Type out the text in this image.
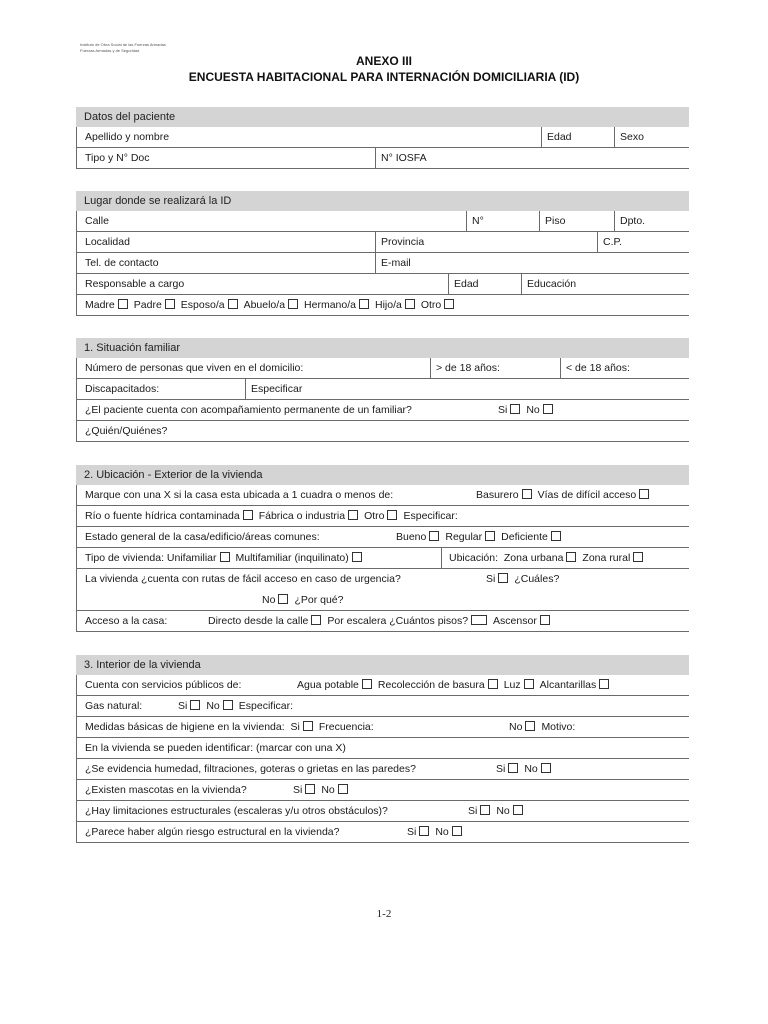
Instituto de Obra Social de las Fuerzas Armadas
Fuerzas Armadas y de Seguridad
ANEXO III
ENCUESTA HABITACIONAL PARA INTERNACIÓN DOMICILIARIA (ID)
Datos del paciente
Apellido y nombre	Edad	Sexo
Tipo y N° Doc	N° IOSFA
Lugar donde se realizará la ID
Calle	N°	Piso	Dpto.
Localidad	Provincia	C.P.
Tel. de contacto	E-mail
Responsable a cargo	Edad	Educación
Madre Padre Esposo/a Abuelo/a Hermano/a Hijo/a Otro
1. Situación familiar
Número de personas que viven en el domicilio:	> de 18 años:	< de 18 años:
Discapacitados:	Especificar
¿El paciente cuenta con acompañamiento permanente de un familiar?	Si No
¿Quién/Quiénes?
2. Ubicación - Exterior de la vivienda
Marque con una X si la casa esta ubicada a 1 cuadra o menos de:	Basurero Vías de difícil acceso
Río o fuente hídrica contaminada Fábrica o industria Otro Especificar:
Estado general de la casa/edificio/áreas comunes:	Bueno Regular Deficiente
Tipo de vivienda: Unifamiliar Multifamiliar (inquilinato)	Ubicación: Zona urbana Zona rural
La vivienda ¿cuenta con rutas de fácil acceso en caso de urgencia?	Si ¿Cuáles?
No ¿Por qué?
Acceso a la casa:	Directo desde la calle Por escalera ¿Cuántos pisos? Ascensor
3. Interior de la vivienda
Cuenta con servicios públicos de:	Agua potable Recolección de basura Luz Alcantarillas
Gas natural:	Si No Especificar:
Medidas básicas de higiene en la vivienda: Si Frecuencia:	No Motivo:
En la vivienda se pueden identificar: (marcar con una X)
¿Se evidencia humedad, filtraciones, goteras o grietas en las paredes?	Si No
¿Existen mascotas en la vivienda?	Si No
¿Hay limitaciones estructurales (escaleras y/u otros obstáculos)?	Si No
¿Parece haber algún riesgo estructural en la vivienda?	Si No
1-2
